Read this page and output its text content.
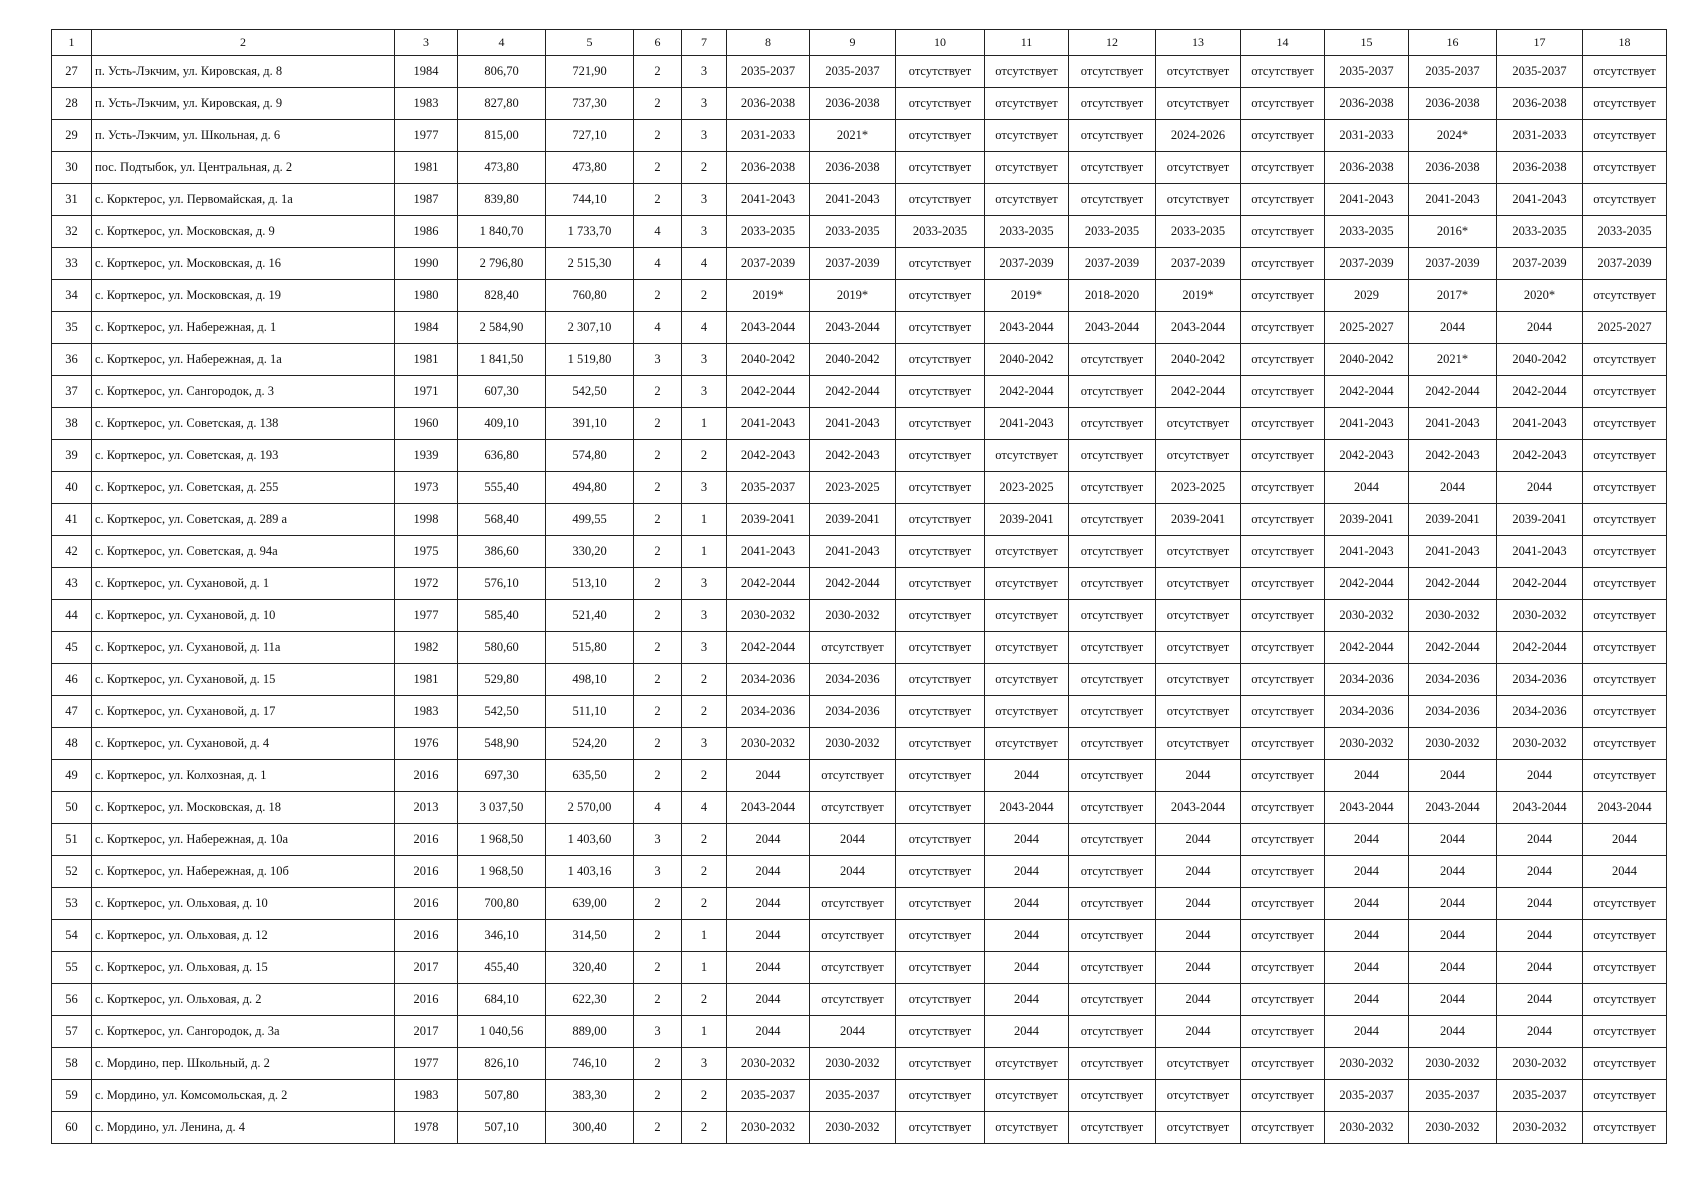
1	2	3	4	5	6	7	8	9	10	11	12	13	14	15	16	17	18
27	п. Усть-Лэкчим, ул. Кировская, д. 8	1984	806,70	721,90	2	3	2035-2037	2035-2037	отсутствует	отсутствует	отсутствует	отсутствует	отсутствует	2035-2037	2035-2037	2035-2037	отсутствует
28	п. Усть-Лэкчим, ул. Кировская, д. 9	1983	827,80	737,30	2	3	2036-2038	2036-2038	отсутствует	отсутствует	отсутствует	отсутствует	отсутствует	2036-2038	2036-2038	2036-2038	отсутствует
29	п. Усть-Лэкчим, ул. Школьная, д. 6	1977	815,00	727,10	2	3	2031-2033	2021*	отсутствует	отсутствует	отсутствует	2024-2026	отсутствует	2031-2033	2024*	2031-2033	отсутствует
30	пос. Подтыбок, ул. Центральная, д. 2	1981	473,80	473,80	2	2	2036-2038	2036-2038	отсутствует	отсутствует	отсутствует	отсутствует	отсутствует	2036-2038	2036-2038	2036-2038	отсутствует
31	с. Корктерос, ул. Первомайская, д. 1а	1987	839,80	744,10	2	3	2041-2043	2041-2043	отсутствует	отсутствует	отсутствует	отсутствует	отсутствует	2041-2043	2041-2043	2041-2043	отсутствует
32	с. Корткерос, ул. Московская, д. 9	1986	1 840,70	1 733,70	4	3	2033-2035	2033-2035	2033-2035	2033-2035	2033-2035	2033-2035	отсутствует	2033-2035	2016*	2033-2035	2033-2035
33	с. Корткерос, ул. Московская, д. 16	1990	2 796,80	2 515,30	4	4	2037-2039	2037-2039	отсутствует	2037-2039	2037-2039	2037-2039	отсутствует	2037-2039	2037-2039	2037-2039	2037-2039
34	с. Корткерос, ул. Московская, д. 19	1980	828,40	760,80	2	2	2019*	2019*	отсутствует	2019*	2018-2020	2019*	отсутствует	2029	2017*	2020*	отсутствует
35	с. Корткерос, ул. Набережная, д. 1	1984	2 584,90	2 307,10	4	4	2043-2044	2043-2044	отсутствует	2043-2044	2043-2044	2043-2044	отсутствует	2025-2027	2044	2044	2025-2027
36	с. Корткерос, ул. Набережная, д. 1а	1981	1 841,50	1 519,80	3	3	2040-2042	2040-2042	отсутствует	2040-2042	отсутствует	2040-2042	отсутствует	2040-2042	2021*	2040-2042	отсутствует
37	с. Корткерос, ул. Сангородок, д. 3	1971	607,30	542,50	2	3	2042-2044	2042-2044	отсутствует	2042-2044	отсутствует	2042-2044	отсутствует	2042-2044	2042-2044	2042-2044	отсутствует
38	с. Корткерос, ул. Советская, д. 138	1960	409,10	391,10	2	1	2041-2043	2041-2043	отсутствует	2041-2043	отсутствует	отсутствует	отсутствует	2041-2043	2041-2043	2041-2043	отсутствует
39	с. Корткерос, ул. Советская, д. 193	1939	636,80	574,80	2	2	2042-2043	2042-2043	отсутствует	отсутствует	отсутствует	отсутствует	отсутствует	2042-2043	2042-2043	2042-2043	отсутствует
40	с. Корткерос, ул. Советская, д. 255	1973	555,40	494,80	2	3	2035-2037	2023-2025	отсутствует	2023-2025	отсутствует	2023-2025	отсутствует	2044	2044	2044	отсутствует
41	с. Корткерос, ул. Советская, д. 289 а	1998	568,40	499,55	2	1	2039-2041	2039-2041	отсутствует	2039-2041	отсутствует	2039-2041	отсутствует	2039-2041	2039-2041	2039-2041	отсутствует
42	с. Корткерос, ул. Советская, д. 94а	1975	386,60	330,20	2	1	2041-2043	2041-2043	отсутствует	отсутствует	отсутствует	отсутствует	отсутствует	2041-2043	2041-2043	2041-2043	отсутствует
43	с. Корткерос, ул. Сухановой, д. 1	1972	576,10	513,10	2	3	2042-2044	2042-2044	отсутствует	отсутствует	отсутствует	отсутствует	отсутствует	2042-2044	2042-2044	2042-2044	отсутствует
44	с. Корткерос, ул. Сухановой, д. 10	1977	585,40	521,40	2	3	2030-2032	2030-2032	отсутствует	отсутствует	отсутствует	отсутствует	отсутствует	2030-2032	2030-2032	2030-2032	отсутствует
45	с. Корткерос, ул. Сухановой, д. 11а	1982	580,60	515,80	2	3	2042-2044	отсутствует	отсутствует	отсутствует	отсутствует	отсутствует	отсутствует	2042-2044	2042-2044	2042-2044	отсутствует
46	с. Корткерос, ул. Сухановой, д. 15	1981	529,80	498,10	2	2	2034-2036	2034-2036	отсутствует	отсутствует	отсутствует	отсутствует	отсутствует	2034-2036	2034-2036	2034-2036	отсутствует
47	с. Корткерос, ул. Сухановой, д. 17	1983	542,50	511,10	2	2	2034-2036	2034-2036	отсутствует	отсутствует	отсутствует	отсутствует	отсутствует	2034-2036	2034-2036	2034-2036	отсутствует
48	с. Корткерос, ул. Сухановой, д. 4	1976	548,90	524,20	2	3	2030-2032	2030-2032	отсутствует	отсутствует	отсутствует	отсутствует	отсутствует	2030-2032	2030-2032	2030-2032	отсутствует
49	с. Корткерос, ул. Колхозная, д. 1	2016	697,30	635,50	2	2	2044	отсутствует	отсутствует	2044	отсутствует	2044	отсутствует	2044	2044	2044	отсутствует
50	с. Корткерос, ул. Московская, д. 18	2013	3 037,50	2 570,00	4	4	2043-2044	отсутствует	отсутствует	2043-2044	отсутствует	2043-2044	отсутствует	2043-2044	2043-2044	2043-2044	2043-2044
51	с. Корткерос, ул. Набережная, д. 10а	2016	1 968,50	1 403,60	3	2	2044	2044	отсутствует	2044	отсутствует	2044	отсутствует	2044	2044	2044	2044
52	с. Корткерос, ул. Набережная, д. 10б	2016	1 968,50	1 403,16	3	2	2044	2044	отсутствует	2044	отсутствует	2044	отсутствует	2044	2044	2044	2044
53	с. Корткерос, ул. Ольховая, д. 10	2016	700,80	639,00	2	2	2044	отсутствует	отсутствует	2044	отсутствует	2044	отсутствует	2044	2044	2044	отсутствует
54	с. Корткерос, ул. Ольховая, д. 12	2016	346,10	314,50	2	1	2044	отсутствует	отсутствует	2044	отсутствует	2044	отсутствует	2044	2044	2044	отсутствует
55	с. Корткерос, ул. Ольховая, д. 15	2017	455,40	320,40	2	1	2044	отсутствует	отсутствует	2044	отсутствует	2044	отсутствует	2044	2044	2044	отсутствует
56	с. Корткерос, ул. Ольховая, д. 2	2016	684,10	622,30	2	2	2044	отсутствует	отсутствует	2044	отсутствует	2044	отсутствует	2044	2044	2044	отсутствует
57	с. Корткерос, ул. Сангородок, д. 3а	2017	1 040,56	889,00	3	1	2044	2044	отсутствует	2044	отсутствует	2044	отсутствует	2044	2044	2044	отсутствует
58	с. Мордино, пер. Школьный, д. 2	1977	826,10	746,10	2	3	2030-2032	2030-2032	отсутствует	отсутствует	отсутствует	отсутствует	отсутствует	2030-2032	2030-2032	2030-2032	отсутствует
59	с. Мордино, ул. Комсомольская, д. 2	1983	507,80	383,30	2	2	2035-2037	2035-2037	отсутствует	отсутствует	отсутствует	отсутствует	отсутствует	2035-2037	2035-2037	2035-2037	отсутствует
60	с. Мордино, ул. Ленина, д. 4	1978	507,10	300,40	2	2	2030-2032	2030-2032	отсутствует	отсутствует	отсутствует	отсутствует	отсутствует	2030-2032	2030-2032	2030-2032	отсутствует
